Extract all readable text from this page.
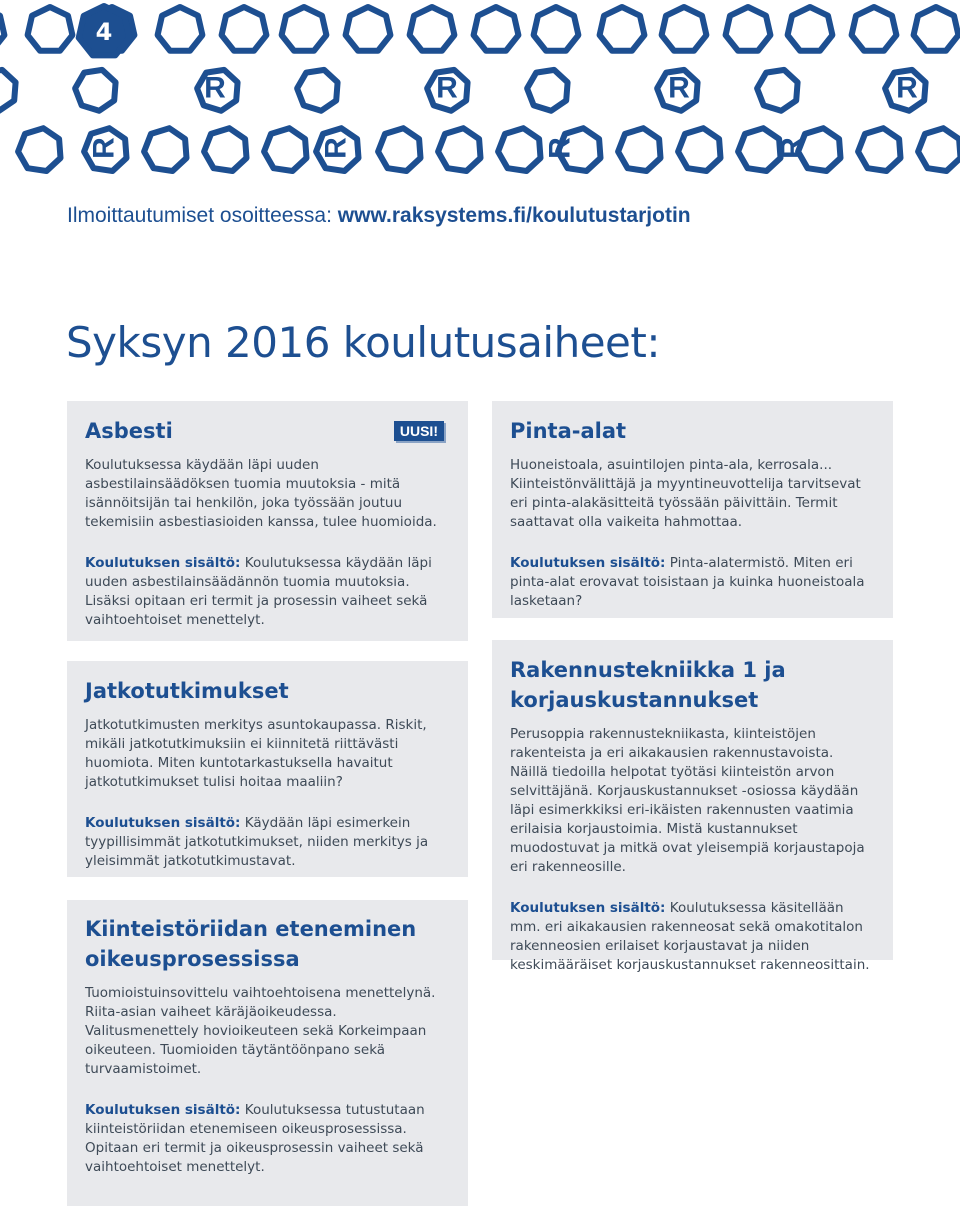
R	R	R	R
R	R	R	R
4
Ilmoittautumiset osoitteessa: www.raksystems.fi/koulutustarjotin
Syksyn 2016 koulutusaiheet:
UUSI!
Asbesti

Koulutuksessa käydään läpi uuden asbestilainsäädöksen tuomia muutoksia - mitä isännöitsijän tai henkilön, joka työssään joutuu tekemisiin asbestiasioiden kanssa, tulee huomioida.

Koulutuksen sisältö: Koulutuksessa käydään läpi uuden asbestilainsäädännön tuomia muutoksia. Lisäksi opitaan eri termit ja prosessin vaiheet sekä vaihtoehtoiset menettelyt.

Pinta-alat

Huoneistoala, asuintilojen pinta-ala, kerrosala... Kiinteistönvälittäjä ja myyntineuvottelija tarvitsevat eri pinta-alakäsitteitä työssään päivittäin. Termit saattavat olla vaikeita hahmottaa.

Koulutuksen sisältö: Pinta-alatermistö. Miten eri pinta-alat erovavat toisistaan ja kuinka huoneistoala lasketaan?

Jatkotutkimukset

Jatkotutkimusten merkitys asuntokaupassa. Riskit, mikäli jatkotutkimuksiin ei kiinnitetä riittävästi huomiota. Miten kuntotarkastuksella havaitut jatkotutkimukset tulisi hoitaa maaliin?

Koulutuksen sisältö: Käydään läpi esimerkein tyypillisimmät jatkotutkimukset, niiden merkitys ja yleisimmät jatkotutkimustavat.

Rakennustekniikka 1 ja korjauskustannukset

Perusoppia rakennustekniikasta, kiinteistöjen rakenteista ja eri aikakausien rakennustavoista. Näillä tiedoilla helpotat työtäsi kiinteistön arvon selvittäjänä. Korjauskustannukset -osiossa käydään läpi esimerkkiksi eri-ikäisten rakennusten vaatimia erilaisia korjaustoimia. Mistä kustannukset muodostuvat ja mitkä ovat yleisempiä korjaustapoja eri rakenneosille.

Koulutuksen sisältö: Koulutuksessa käsitellään mm. eri aikakausien rakenneosat sekä omakotitalon rakenneosien erilaiset korjaustavat ja niiden keskimääräiset korjauskustannukset rakenneosittain.

Kiinteistöriidan eteneminen oikeusprosessissa

Tuomioistuinsovittelu vaihtoehtoisena menettelynä. Riita-asian vaiheet käräjäoikeudessa. Valitusmenettely hovioikeuteen sekä Korkeimpaan oikeuteen. Tuomioiden täytäntöönpano sekä turvaamistoimet.

Koulutuksen sisältö: Koulutuksessa tutustutaan kiinteistöriidan etenemiseen oikeusprosessissa. Opitaan eri termit ja oikeusprosessin vaiheet sekä vaihtoehtoiset menettelyt.
